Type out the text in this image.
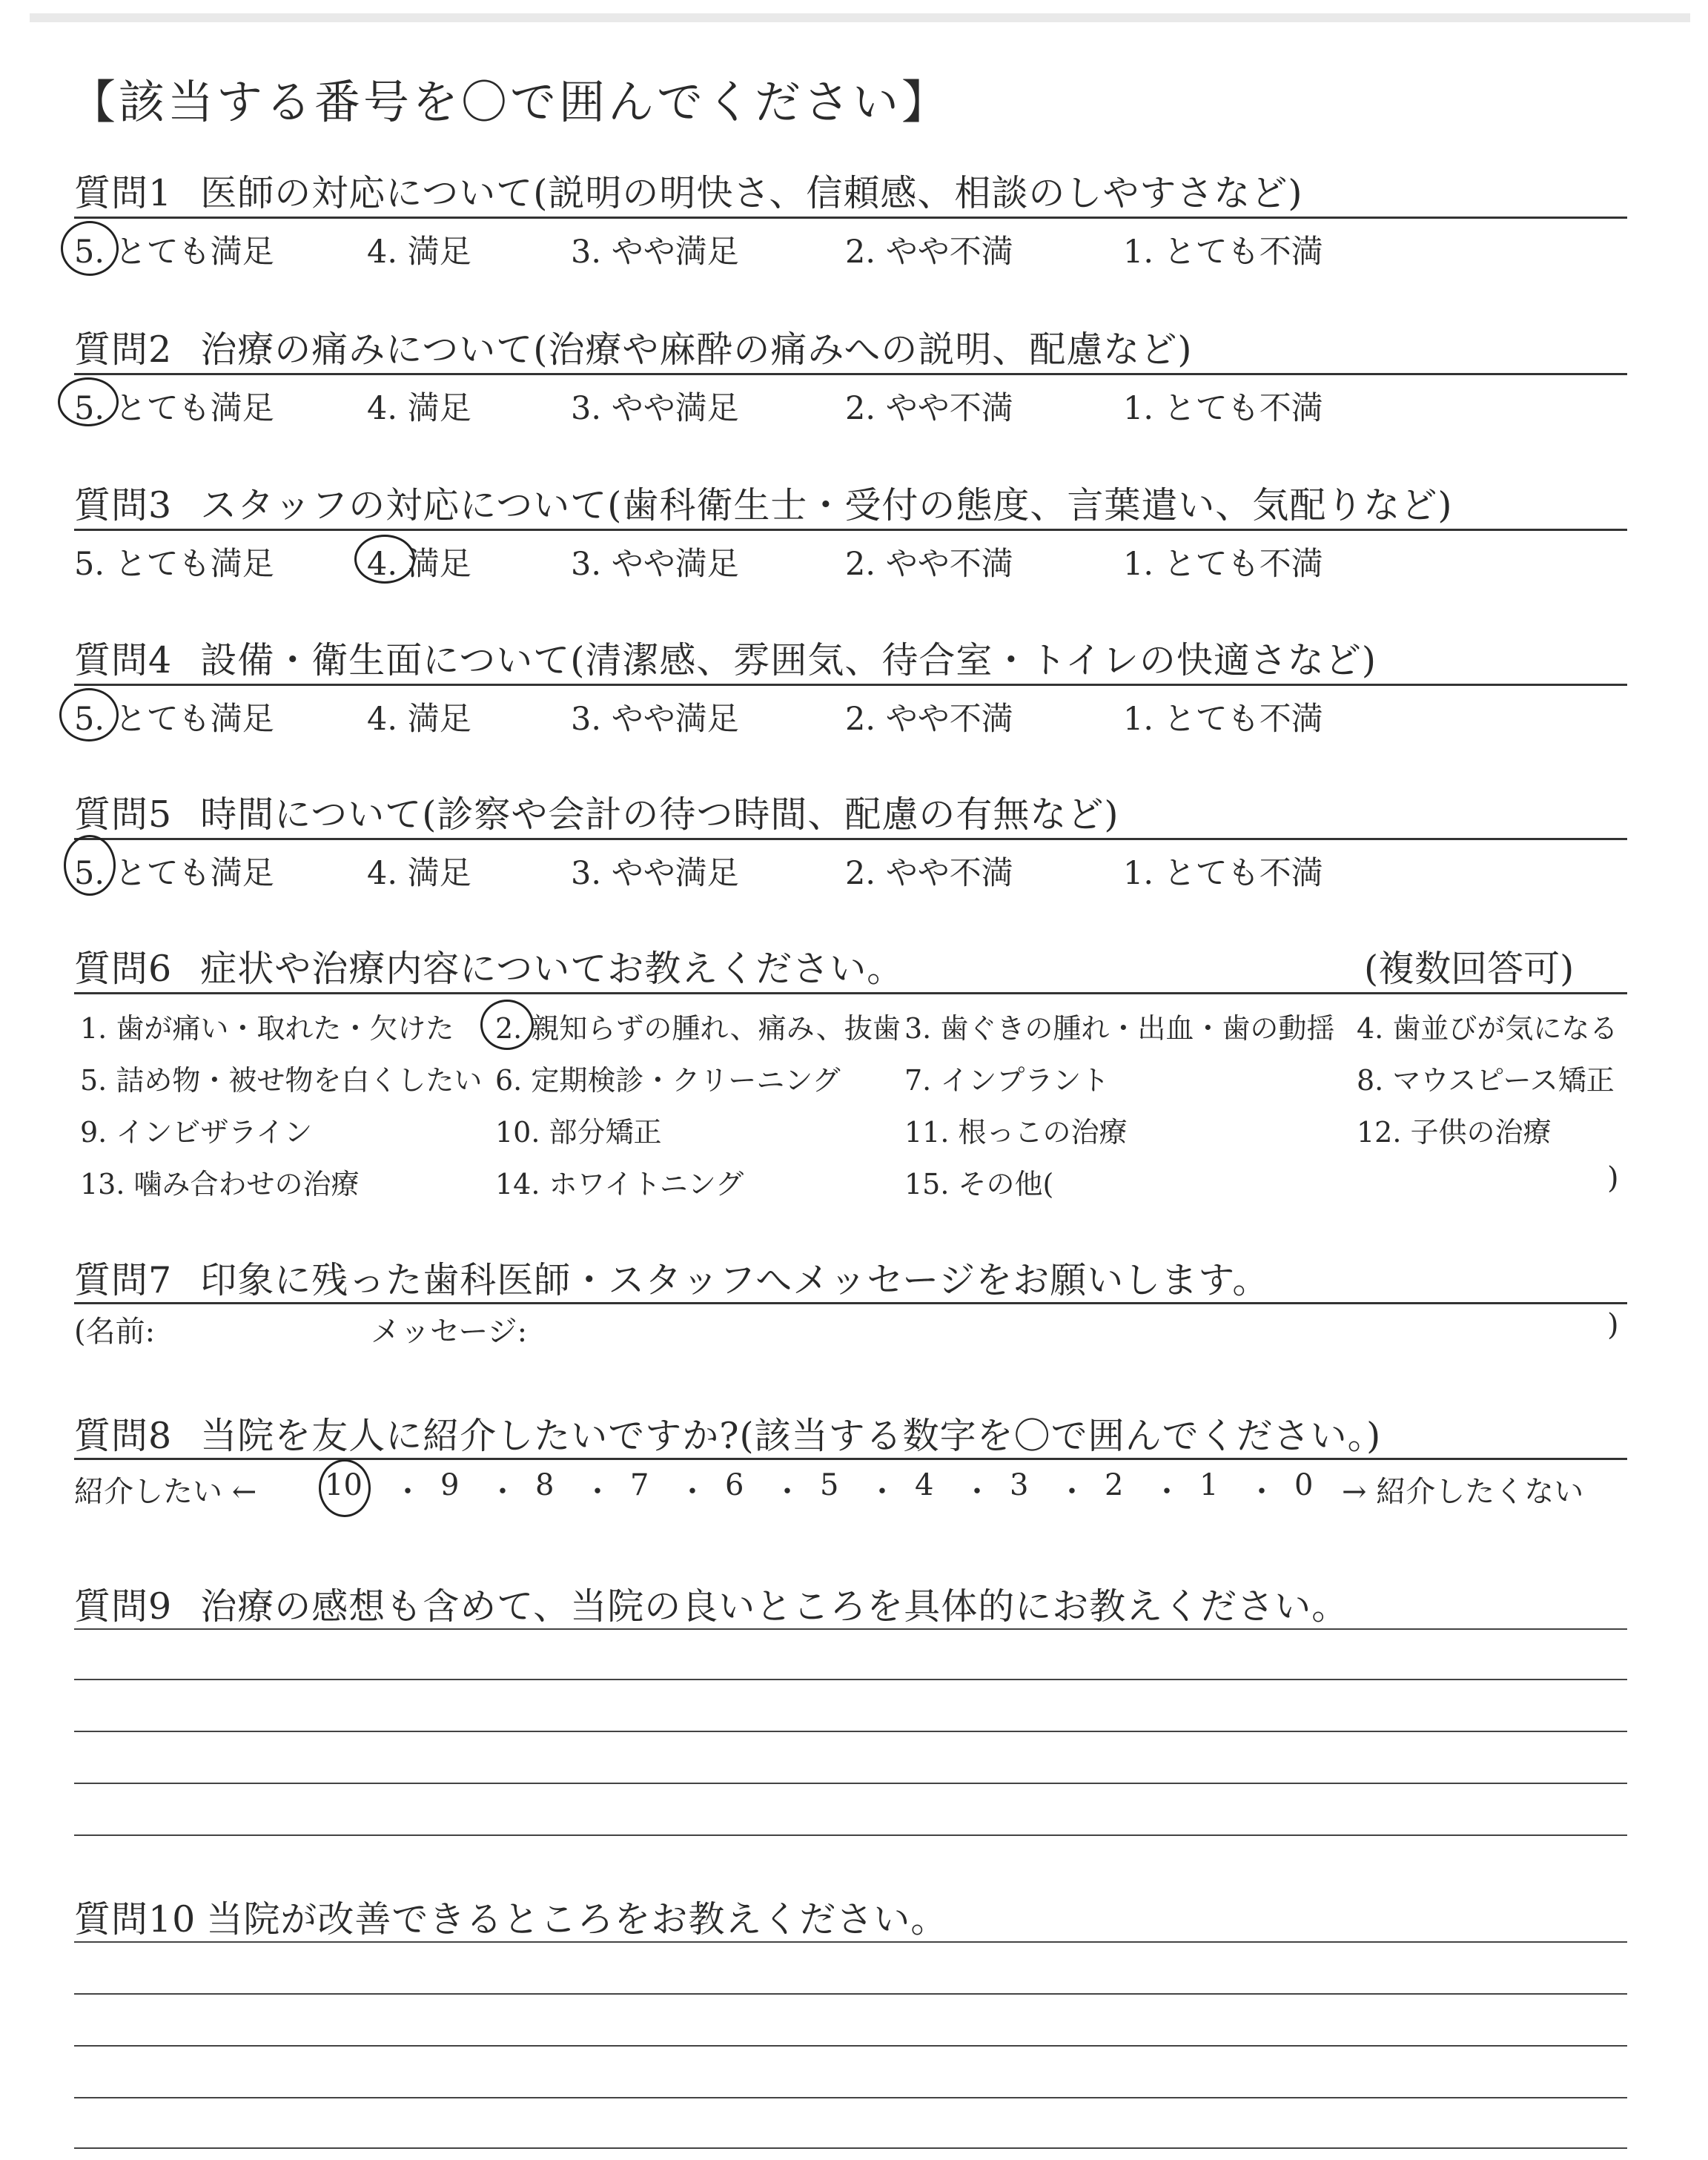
【該当する番号を〇で囲んでください】
質問1 医師の対応について(説明の明快さ、信頼感、相談のしやすさなど)
5. とても満足	4. 満足	3. やや満足	2. やや不満	1. とても不満
質問2 治療の痛みについて(治療や麻酔の痛みへの説明、配慮など)
5. とても満足	4. 満足	3. やや満足	2. やや不満	1. とても不満
質問3 スタッフの対応について(歯科衛生士・受付の態度、言葉遣い、気配りなど)
5. とても満足	4. 満足	3. やや満足	2. やや不満	1. とても不満
質問4 設備・衛生面について(清潔感、雰囲気、待合室・トイレの快適さなど)
5. とても満足	4. 満足	3. やや満足	2. やや不満	1. とても不満
質問5 時間について(診察や会計の待つ時間、配慮の有無など)
5. とても満足	4. 満足	3. やや満足	2. やや不満	1. とても不満
質問6 症状や治療内容についてお教えください。	(複数回答可)
1. 歯が痛い・取れた・欠けた 2. 親知らずの腫れ、痛み、抜歯 3. 歯ぐきの腫れ・出血・歯の動揺 4. 歯並びが気になる
5. 詰め物・被せ物を白くしたい 6. 定期検診・クリーニング 7. インプラント	8. マウスピース矯正
9. インビザライン	10. 部分矯正	11. 根っこの治療	12. 子供の治療
13. 噛み合わせの治療	14. ホワイトニング	15. その他(	)
質問7 印象に残った歯科医師・スタッフへメッセージをお願いします。
(名前:	メッセージ:	)
質問8 当院を友人に紹介したいですか?(該当する数字を〇で囲んでください。)
紹介したい ← 10 ・ 9 ・ 8 ・ 7 ・ 6 ・ 5 ・ 4 ・ 3 ・ 2 ・ 1 ・ 0 → 紹介したくない
質問9 治療の感想も含めて、当院の良いところを具体的にお教えください。
質問10 当院が改善できるところをお教えください。
